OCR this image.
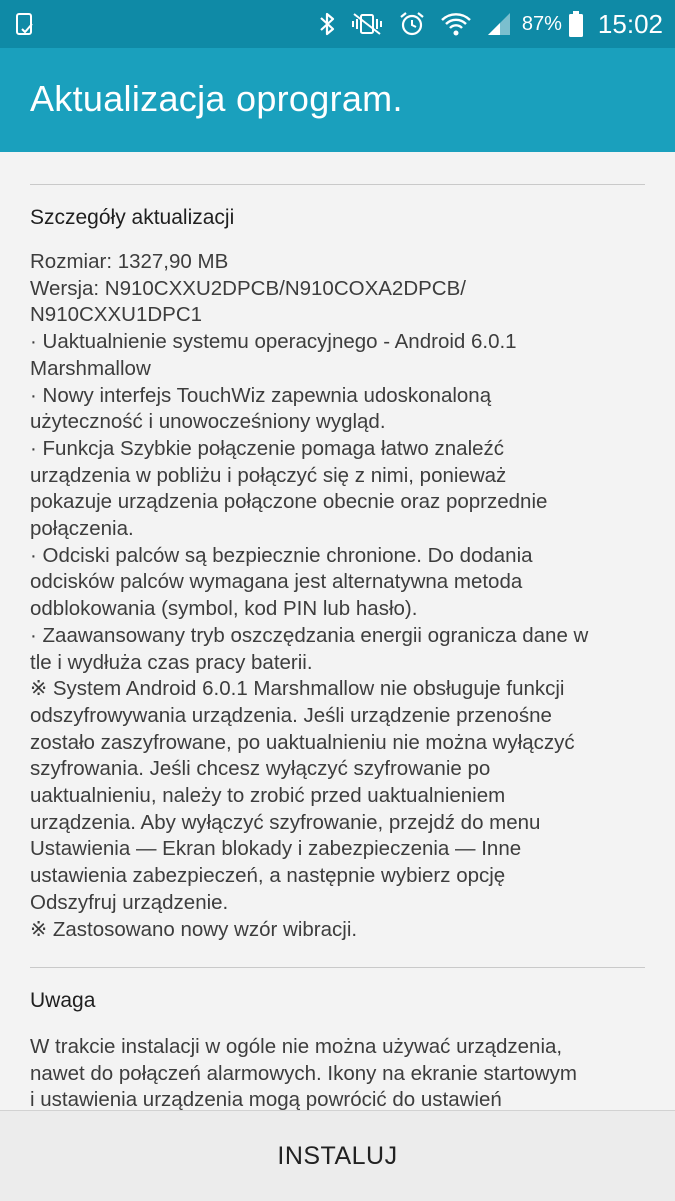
87% 15:02
Aktualizacja oprogram.
Szczegóły aktualizacji
Rozmiar: 1327,90 MB
Wersja: N910CXXU2DPCB/N910COXA2DPCB/
N910CXXU1DPC1
· Uaktualnienie systemu operacyjnego - Android 6.0.1
Marshmallow
· Nowy interfejs TouchWiz zapewnia udoskonaloną
użyteczność i unowocześniony wygląd.
· Funkcja Szybkie połączenie pomaga łatwo znaleźć
urządzenia w pobliżu i połączyć się z nimi, ponieważ
pokazuje urządzenia połączone obecnie oraz poprzednie
połączenia.
· Odciski palców są bezpiecznie chronione. Do dodania
odcisków palców wymagana jest alternatywna metoda
odblokowania (symbol, kod PIN lub hasło).
· Zaawansowany tryb oszczędzania energii ogranicza dane w
tle i wydłuża czas pracy baterii.
※ System Android 6.0.1 Marshmallow nie obsługuje funkcji
odszyfrowywania urządzenia. Jeśli urządzenie przenośne
zostało zaszyfrowane, po uaktualnieniu nie można wyłączyć
szyfrowania. Jeśli chcesz wyłączyć szyfrowanie po
uaktualnieniu, należy to zrobić przed uaktualnieniem
urządzenia. Aby wyłączyć szyfrowanie, przejdź do menu
Ustawienia — Ekran blokady i zabezpieczenia — Inne
ustawienia zabezpieczeń, a następnie wybierz opcję
Odszyfruj urządzenie.
※ Zastosowano nowy wzór wibracji.
Uwaga
W trakcie instalacji w ogóle nie można używać urządzenia,
nawet do połączeń alarmowych. Ikony na ekranie startowym
i ustawienia urządzenia mogą powrócić do ustawień
INSTALUJ
